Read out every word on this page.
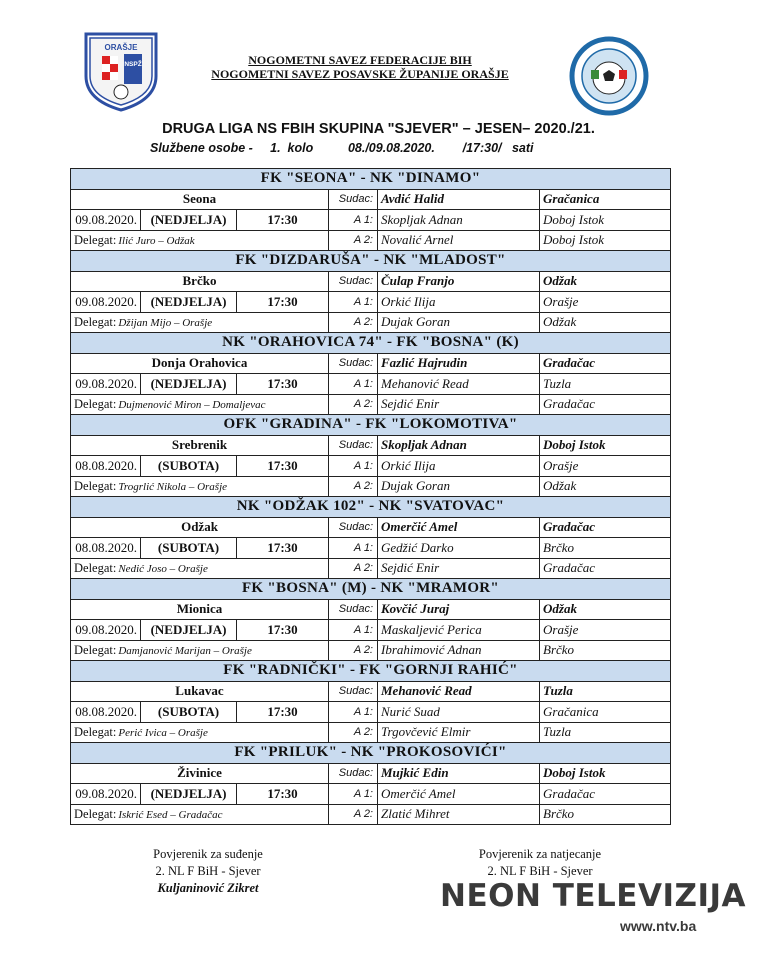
NSPŽ
ORAŠJE
NOGOMETNI SAVEZ FEDERACIJE BIH
NOGOMETNI SAVEZ POSAVSKE ŽUPANIJE ORAŠJE
DRUGA LIGA NS FBIH SKUPINA "SJEVER" – JESEN– 2020./21.
Službene osobe -     1.  kolo          08./09.08.2020.        /17:30/   sati
FK "SEONA" - NK "DINAMO"					
Seona			Sudac:	Avdić Halid	Gračanica
09.08.2020.	(NEDJELJA)	17:30	A 1:	Skopljak Adnan	Doboj Istok
Delegat: Ilić Juro – Odžak			A 2:	Novalić Arnel	Doboj Istok
FK "DIZDARUŠA" - NK "MLADOST"					
Brčko			Sudac:	Čulap Franjo	Odžak
09.08.2020.	(NEDJELJA)	17:30	A 1:	Orkić Ilija	Orašje
Delegat: Džijan Mijo – Orašje			A 2:	Dujak Goran	Odžak
NK "ORAHOVICA 74" - FK "BOSNA" (K)					
Donja Orahovica			Sudac:	Fazlić Hajrudin	Gradačac
09.08.2020.	(NEDJELJA)	17:30	A 1:	Mehanović Read	Tuzla
Delegat: Dujmenović Miron – Domaljevac			A 2:	Sejdić Enir	Gradačac
OFK "GRADINA" - FK "LOKOMOTIVA"					
Srebrenik			Sudac:	Skopljak Adnan	Doboj Istok
08.08.2020.	(SUBOTA)	17:30	A 1:	Orkić Ilija	Orašje
Delegat: Trogrlić Nikola – Orašje			A 2:	Dujak Goran	Odžak
NK "ODŽAK 102" - NK "SVATOVAC"					
Odžak			Sudac:	Omerčić Amel	Gradačac
08.08.2020.	(SUBOTA)	17:30	A 1:	Gedžić Darko	Brčko
Delegat: Nedić Joso – Orašje			A 2:	Sejdić Enir	Gradačac
FK "BOSNA" (M) - NK "MRAMOR"					
Mionica			Sudac:	Kovčić Juraj	Odžak
09.08.2020.	(NEDJELJA)	17:30	A 1:	Maskaljević Perica	Orašje
Delegat: Damjanović Marijan – Orašje			A 2:	Ibrahimović Adnan	Brčko
FK "RADNIČKI" - FK "GORNJI RAHIĆ"					
Lukavac			Sudac:	Mehanović Read	Tuzla
08.08.2020.	(SUBOTA)	17:30	A 1:	Nurić Suad	Gračanica
Delegat: Perić Ivica – Orašje			A 2:	Trgovčević Elmir	Tuzla
FK "PRILUK" - NK "PROKOSOVIĆI"					
Živinice			Sudac:	Mujkić Edin	Doboj Istok
09.08.2020.	(NEDJELJA)	17:30	A 1:	Omerčić Amel	Gradačac
Delegat: Iskrić Esed – Gradačac			A 2:	Zlatić Mihret	Brčko
Povjerenik za suđenje
2. NL F BiH - Sjever
Kuljaninović Zikret
Povjerenik za natjecanje
2. NL F BiH - Sjever
NEON TELEVIZIJA
www.ntv.ba
